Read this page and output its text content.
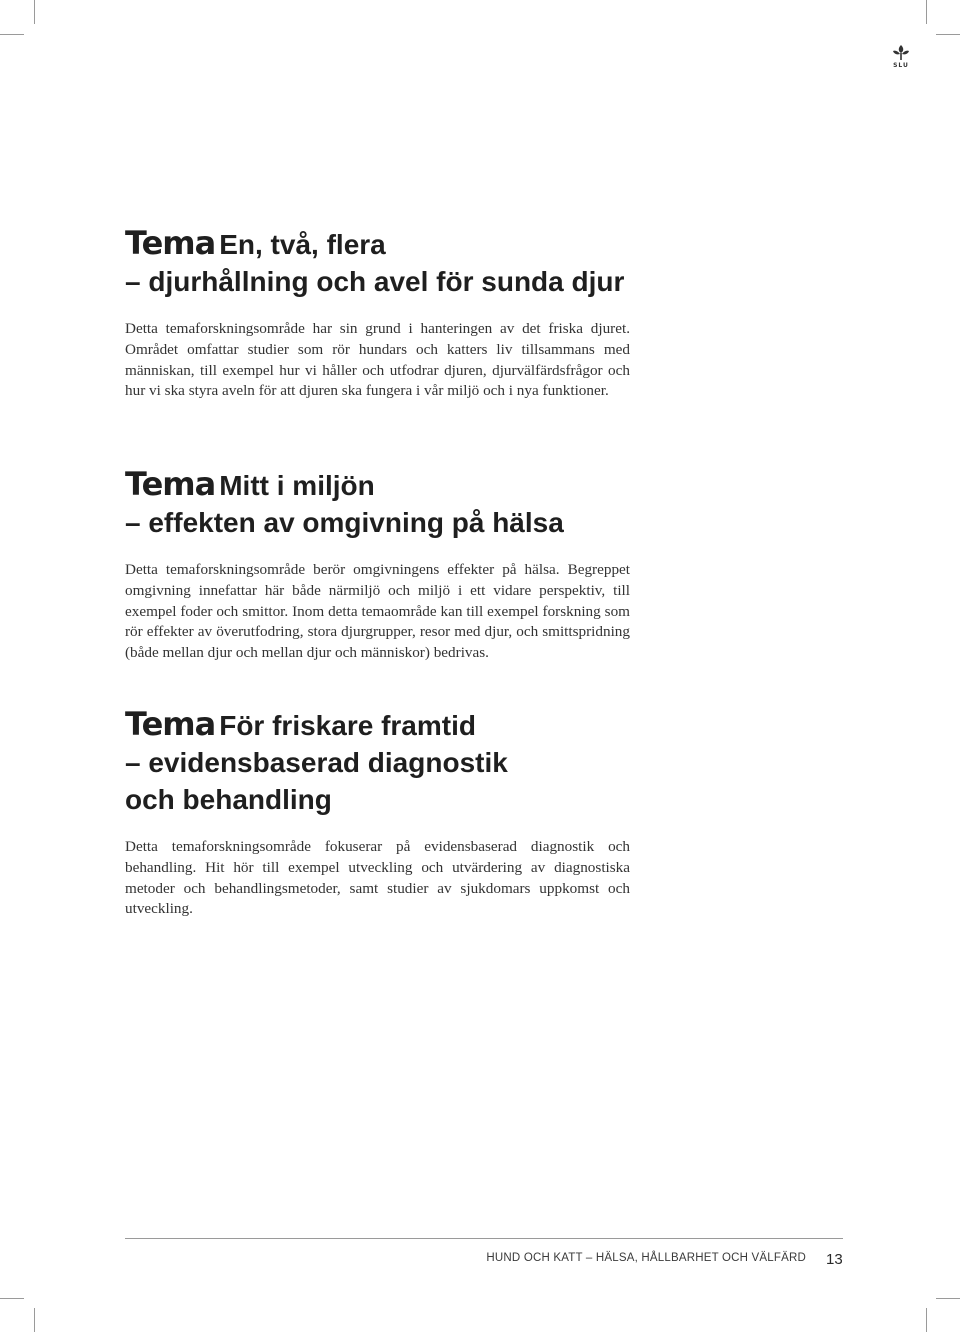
SLU
Tema En, två, flera
– djurhållning och avel för sunda djur

Detta temaforskningsområde har sin grund i hanteringen av det friska djuret. Området omfattar studier som rör hundars och katters liv tillsammans med människan, till exempel hur vi håller och utfodrar djuren, djurvälfärdsfrågor och hur vi ska styra aveln för att djuren ska fungera i vår miljö och i nya funktioner.

Tema Mitt i miljön
– effekten av omgivning på hälsa

Detta temaforskningsområde berör omgivningens effekter på hälsa. Begreppet omgivning innefattar här både närmiljö och miljö i ett vidare perspektiv, till exempel foder och smittor. Inom detta temaområde kan till exempel forskning som rör effekter av överutfodring, stora djurgrupper, resor med djur, och smittspridning (både mellan djur och mellan djur och människor) bedrivas.

Tema För friskare framtid
– evidensbaserad diagnostik
och behandling

Detta temaforskningsområde fokuserar på evidensbaserad diagnostik och behandling. Hit hör till exempel utveckling och utvärdering av diagnostiska metoder och behandlingsmetoder, samt studier av sjukdomars uppkomst och utveckling.

HUND OCH KATT – HÄLSA, HÅLLBARHET OCH VÄLFÄRD 13
